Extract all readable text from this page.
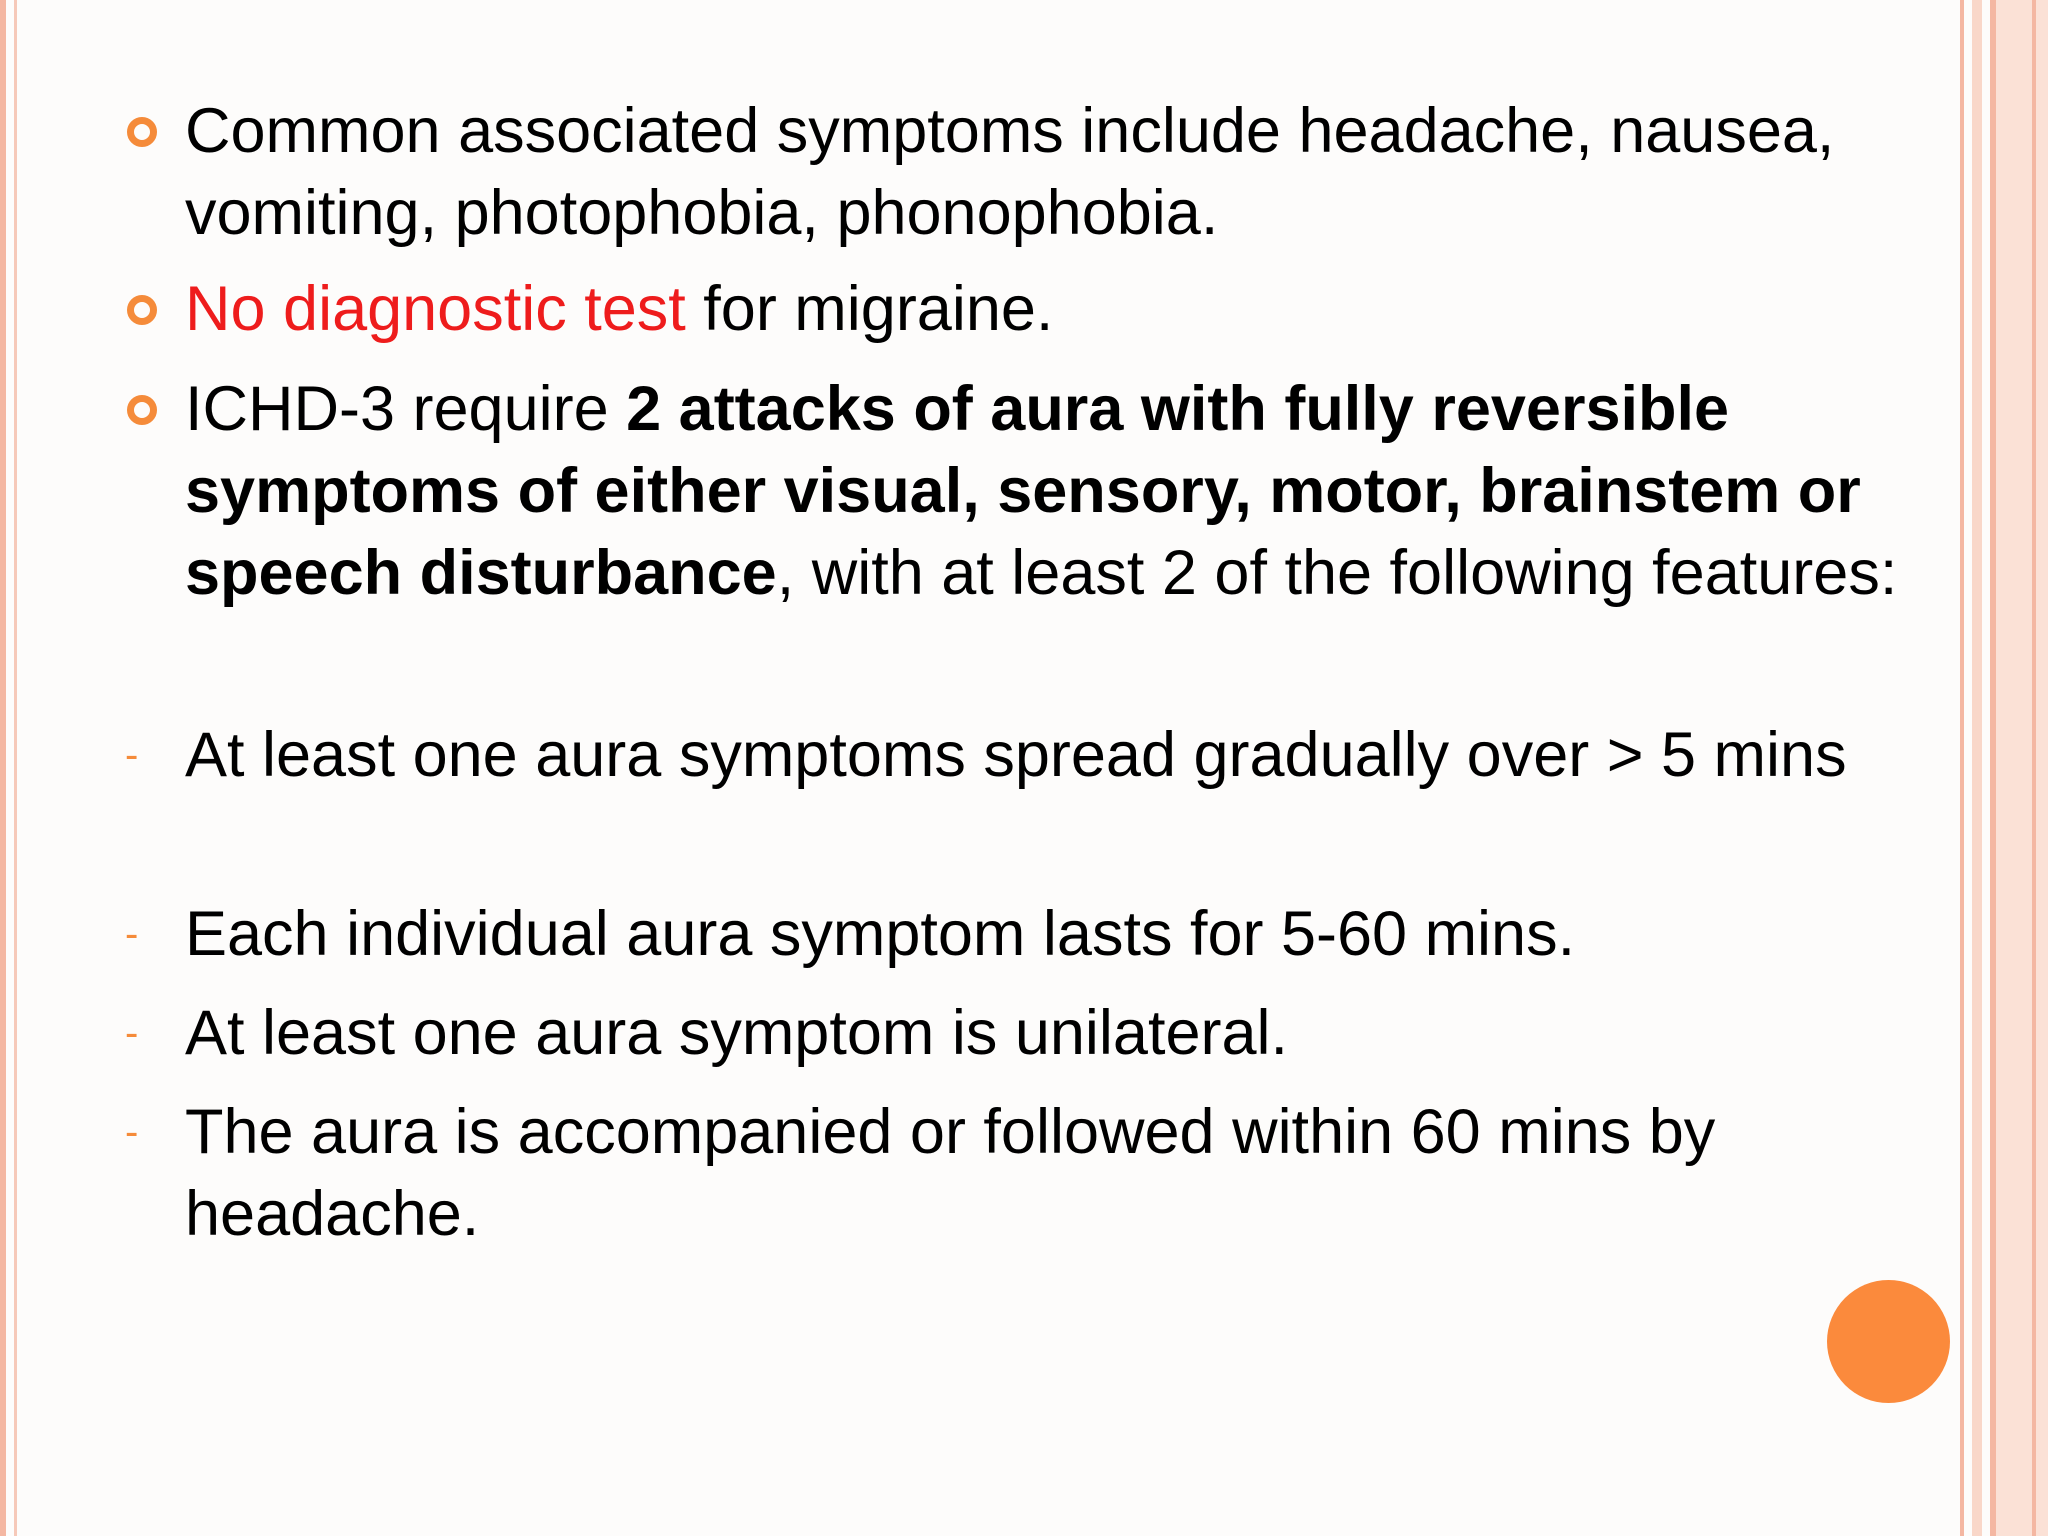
Common associated symptoms include headache, nausea, vomiting, photophobia, phonophobia.
No diagnostic test for migraine.
ICHD-3 require 2 attacks of aura with fully reversible symptoms of either visual, sensory, motor, brainstem or speech disturbance, with at least 2 of the following features:
- At least one aura symptoms spread gradually over > 5 mins
- Each individual aura symptom lasts for 5-60 mins.
- At least one aura symptom is unilateral.
- The aura is accompanied or followed within 60 mins by headache.
